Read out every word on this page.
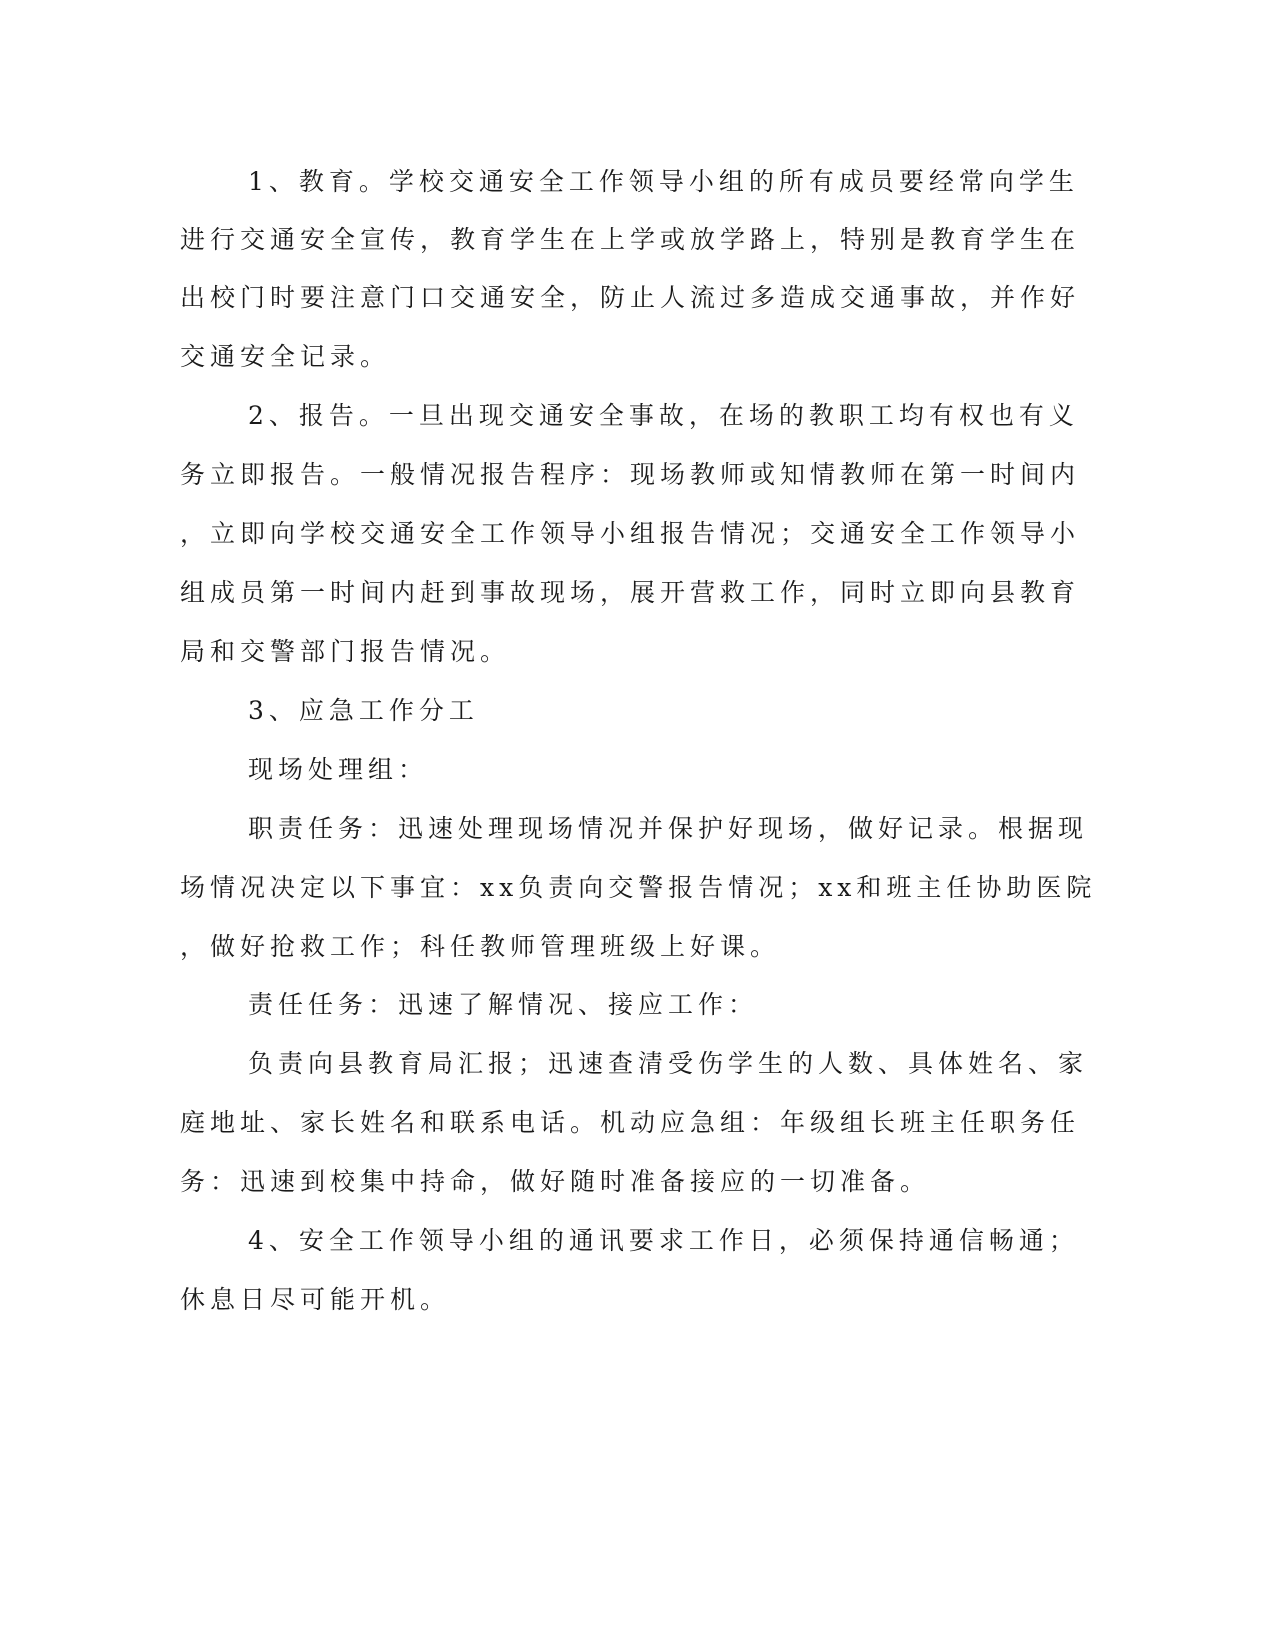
1、教育。学校交通安全工作领导小组的所有成员要经常向学生
进行交通安全宣传，教育学生在上学或放学路上，特别是教育学生在
出校门时要注意门口交通安全，防止人流过多造成交通事故，并作好
交通安全记录。
2、报告。一旦出现交通安全事故，在场的教职工均有权也有义
务立即报告。一般情况报告程序：现场教师或知情教师在第一时间内
，立即向学校交通安全工作领导小组报告情况；交通安全工作领导小
组成员第一时间内赶到事故现场，展开营救工作，同时立即向县教育
局和交警部门报告情况。
3、应急工作分工
现场处理组：
职责任务：迅速处理现场情况并保护好现场，做好记录。根据现
场情况决定以下事宜：xx负责向交警报告情况；xx和班主任协助医院
，做好抢救工作；科任教师管理班级上好课。
责任任务：迅速了解情况、接应工作：
负责向县教育局汇报；迅速查清受伤学生的人数、具体姓名、家
庭地址、家长姓名和联系电话。机动应急组：年级组长班主任职务任
务：迅速到校集中持命，做好随时准备接应的一切准备。
4、安全工作领导小组的通讯要求工作日，必须保持通信畅通；
休息日尽可能开机。
